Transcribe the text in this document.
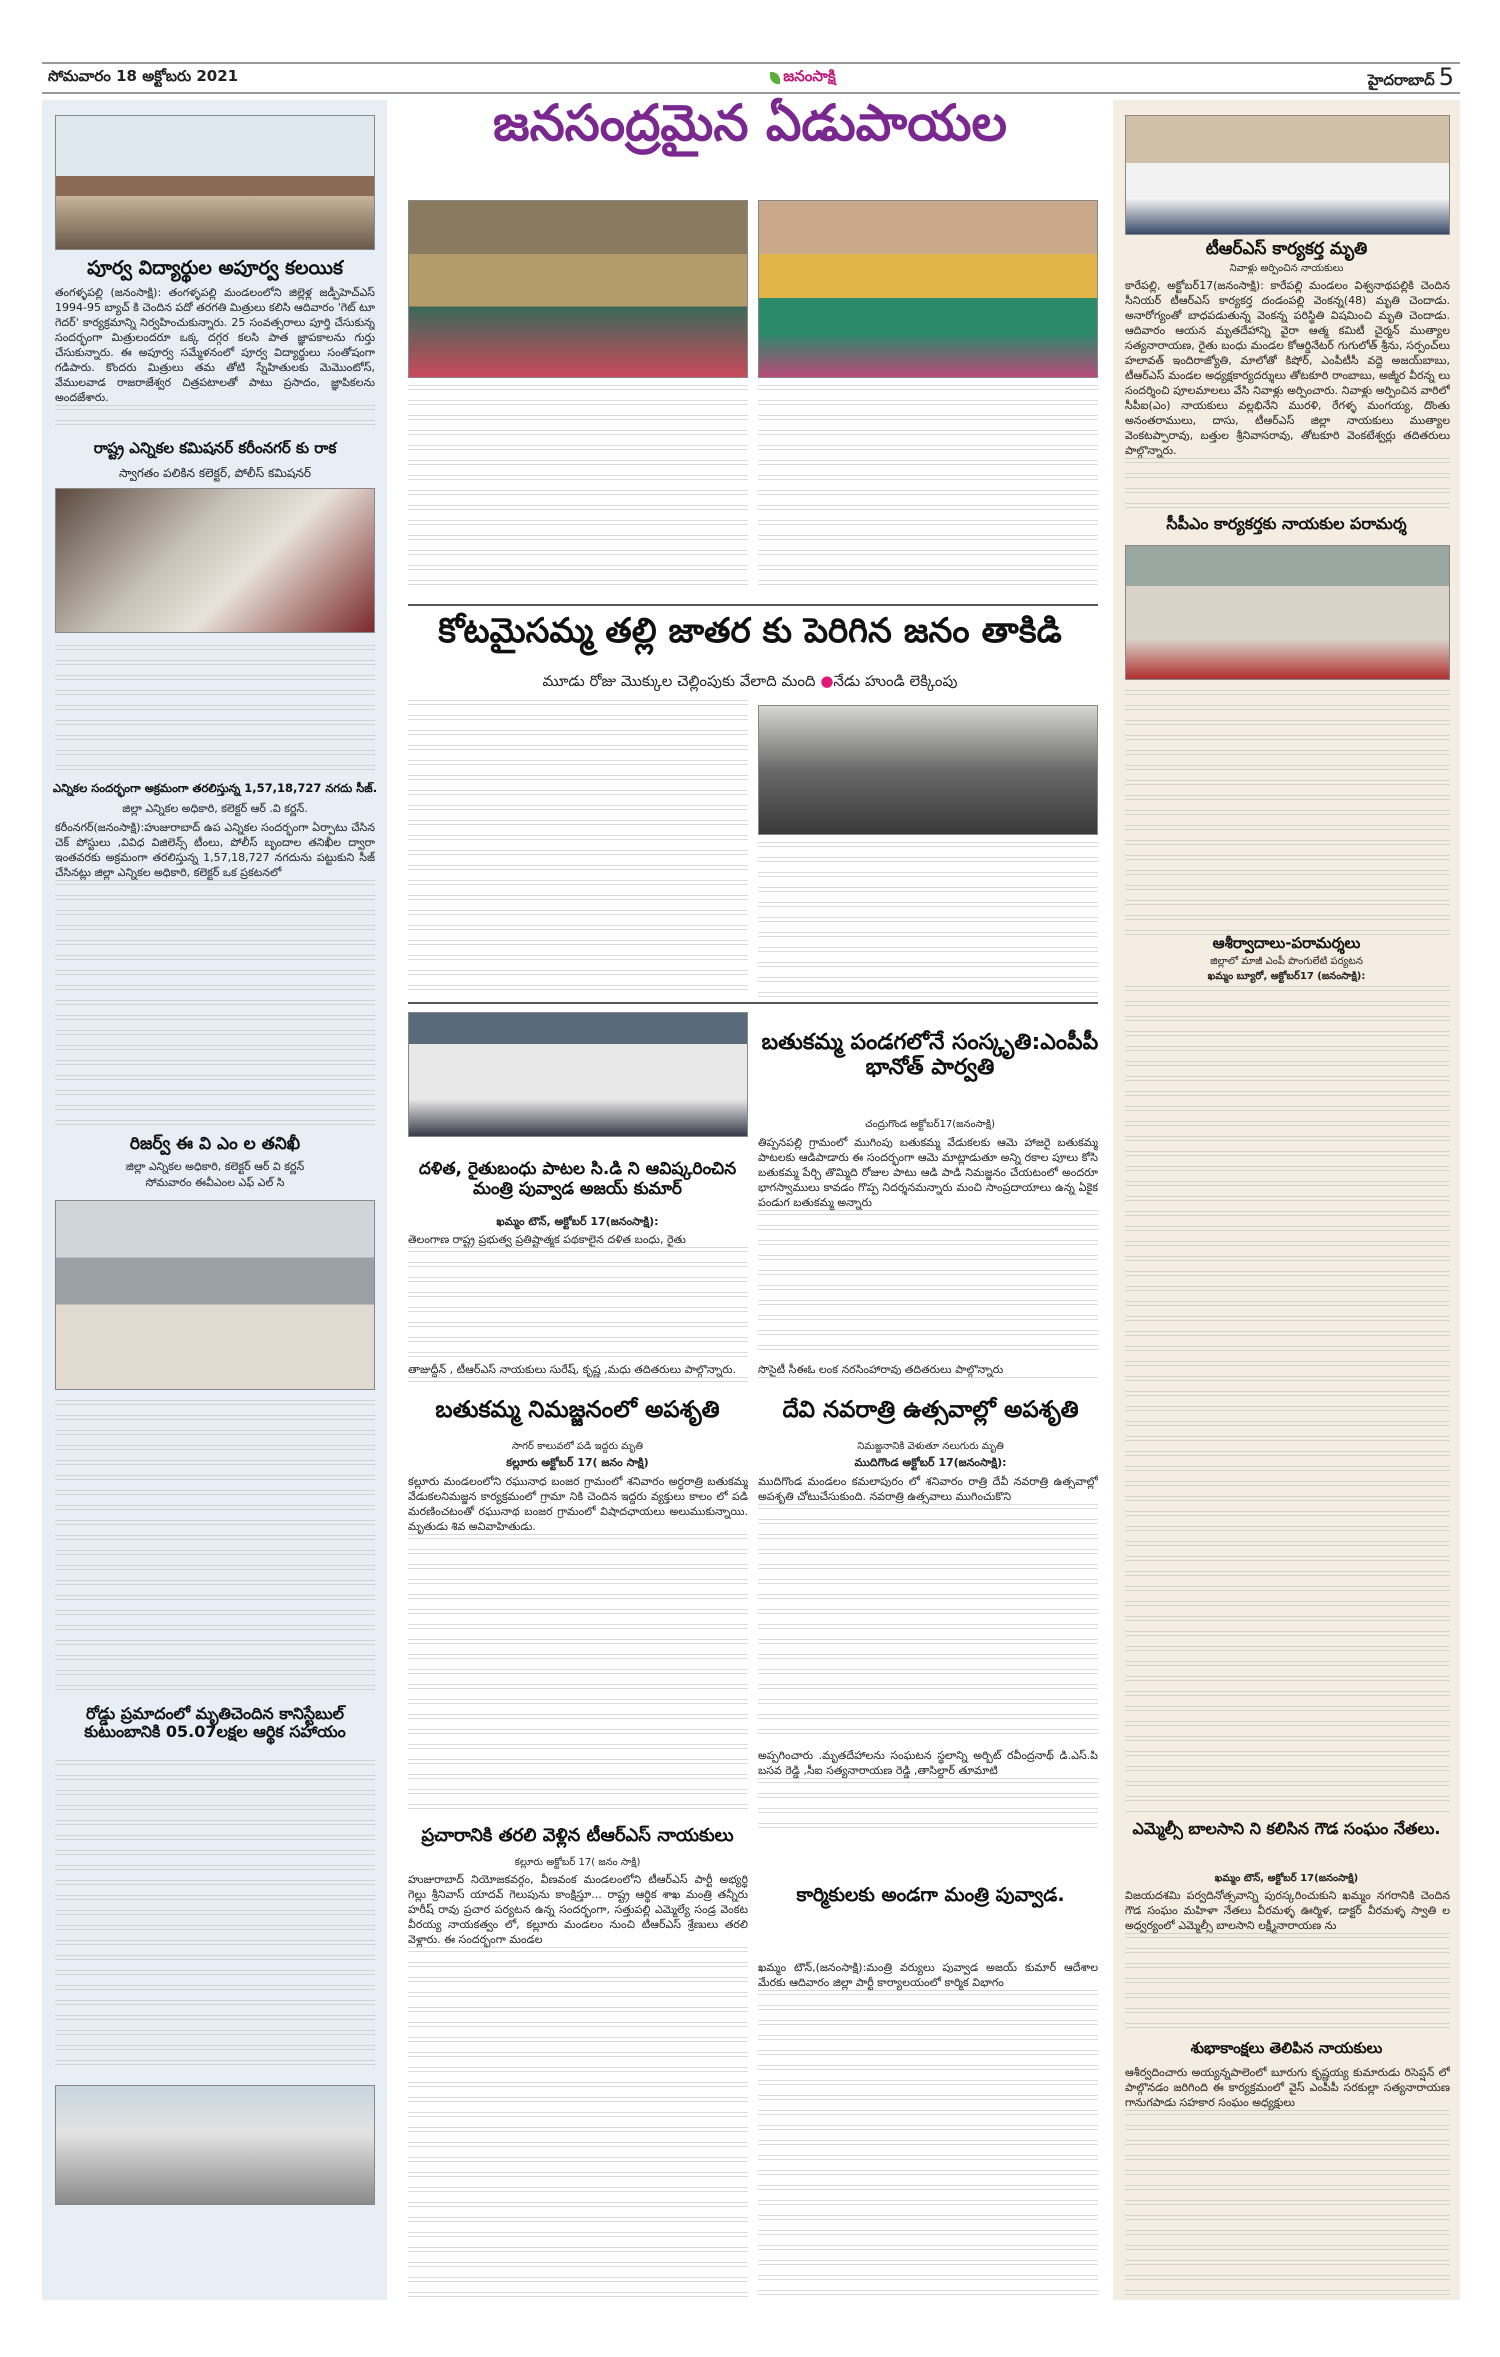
సోమవారం 18 అక్టోబరు 2021	జనంసాక్షి	హైదరాబాద్ 5
పూర్వ విద్యార్థుల అపూర్వ కలయిక
తంగళ్ళపల్లి (జనంసాక్షి): తంగళ్ళపల్లి మండలంలోని జిల్లెళ్ల జడ్పీహెచ్ఎస్ 1994-95 బ్యాచ్ కి చెందిన పదో తరగతి మిత్రులు కలిసి ఆదివారం 'గెట్ టూ గెదర్' కార్యక్రమాన్ని నిర్వహించుకున్నారు. 25 సంవత్సరాలు పూర్తి చేసుకున్న సందర్భంగా మిత్రులందరూ ఒక్క దగ్గర కలసి పాత జ్ఞాపకాలను గుర్తు చేసుకున్నారు. ఈ అపూర్వ సమ్మేళనంలో పూర్వ విద్యార్థులు సంతోషంగా గడిపారు. కొందరు మిత్రులు తమ తోటి స్నేహితులకు మెమొంటోస్, వేములవాడ రాజరాజేశ్వర చిత్రపటాలతో పాటు ప్రసాదం, జ్ఞాపికలను అందజేశారు.
రాష్ట్ర ఎన్నికల కమిషనర్ కరీంనగర్ కు రాక
స్వాగతం పలికిన కలెక్టర్, పోలీస్ కమిషనర్
ఎన్నికల సందర్భంగా అక్రమంగా తరలిస్తున్న 1,57,18,727 నగదు సీజ్.
జిల్లా ఎన్నికల అధికారి, కలెక్టర్ ఆర్ .వి కర్ణన్.
కరీంనగర్(జనంసాక్షి):హుజురాబాద్ ఉప ఎన్నికల సందర్భంగా ఏర్పాటు చేసిన చెక్ పోస్టులు ,వివిధ విజిలెన్స్ టీంలు, పోలీస్ బృందాల తనిఖీల ద్వారా ఇంతవరకు అక్రమంగా తరలిస్తున్న 1,57,18,727 నగదును పట్టుకుని సీజ్ చేసినట్లు జిల్లా ఎన్నికల అధికారి, కలెక్టర్ ఒక ప్రకటనలో
రిజర్వ్ ఈ వి ఎం ల తనిఖీ
జిల్లా ఎన్నికల అధికారి, కలెక్టర్ ఆర్ వి కర్ణన్
సోమవారం ఈవీఎంల ఎఫ్ ఎల్ సి
రోడ్డు ప్రమాదంలో మృతిచెందిన కానిస్టేబుల్ కుటుంబానికి 05.07లక్షల ఆర్థిక సహాయం
జనసంద్రమైన ఏడుపాయల
కోటమైసమ్మ తల్లి జాతర కు పెరిగిన జనం తాకిడి
మూడు రోజు మొక్కుల చెల్లింపుకు వేలాది మంది ●నేడు హుండి లెక్కింపు
దళిత, రైతుబంధు పాటల సి.డి ని ఆవిష్కరించిన మంత్రి పువ్వాడ అజయ్ కుమార్
ఖమ్మం టౌన్, అక్టోబర్ 17(జనంసాక్షి):
తెలంగాణ రాష్ట్ర ప్రభుత్వ ప్రతిష్టాత్మక పథకాలైన దళిత బంధు, రైతు
తాజుద్దీన్ , టీఆర్ఎస్ నాయకులు సురేష్, కృష్ణ ,మధు తదితరులు పాల్గొన్నారు.
బతుకమ్మ పండగలోనే సంస్కృతి:ఎంపీపీ భానోత్ పార్వతి
చంద్రుగొండ అక్టోబర్17(జనంసాక్షి)
తిప్పనపల్లి గ్రామంలో ముగింపు బతుకమ్మ వేడుకలకు ఆమె హాజరై బతుకమ్మ పాటలకు ఆడిపాడారు ఈ సందర్భంగా ఆమె మాట్లాడుతూ అన్ని రకాల పూలు కోసి బతుకమ్మ పేర్చి తొమ్మిది రోజుల పాటు ఆడి పాడి నిమజ్జనం చేయటంలో అందరూ భాగస్వాములు కావడం గొప్ప నిదర్శనమన్నారు మంచి సాంప్రదాయాలు ఉన్న ఏకైక పండుగ బతుకమ్మ అన్నారు
సొసైటీ సీఈఓ లంక నరసింహారావు తదితరులు పాల్గొన్నారు
బతుకమ్మ నిమజ్జనంలో అపశృతి
సాగర్ కాలువలో పడి ఇద్దరు మృతి
కల్లూరు అక్టోబర్ 17( జనం సాక్షి)
కల్లూరు మండలంలోని రఘునాధ బంజర గ్రామంలో శనివారం అర్ధరాత్రి బతుకమ్మ వేడుకలనిమజ్జన కార్యక్రమంలో గ్రామా నికి చెందిన ఇద్దరు వ్యక్తులు కాలం లో పడి మరణించటంతో రఘునాథ బంజర గ్రామంలో విషాదఛాయలు అలుముకున్నాయి. మృతుడు శివ అవివాహితుడు.
ప్రచారానికి తరలి వెళ్లిన టీఆర్ఎస్ నాయకులు
కల్లూరు అక్టోబర్ 17( జనం సాక్షి)
హుజురాబాద్ నియోజకవర్గం, వీణవంక మండలంలోని టీఆర్ఎస్ పార్టీ అభ్యర్థి గెల్లు శ్రీనివాస్ యాదవ్ గెలుపును కాంక్షిస్తూ... రాష్ట్ర ఆర్థిక శాఖ మంత్రి తన్నీరు హరీష్ రావు ప్రచార పర్యటన ఉన్న సందర్భంగా, సత్తుపల్లి ఎమ్మెల్యే సండ్ర వెంకట వీరయ్య నాయకత్వం లో, కల్లూరు మండలం నుంచి టీఆర్ఎస్ శ్రేణులు తరలి వెళ్లారు. ఈ సందర్భంగా మండల
దేవి నవరాత్రి ఉత్సవాల్లో అపశృతి
నిమజ్జనానికి వెళుతూ నలుగురు మృతి
ముదిగొండ అక్టోబర్ 17(జనంసాక్షి):
ముదిగొండ మండలం కమలాపురం లో శనివారం రాత్రి దేవీ నవరాత్రి ఉత్సవాల్లో అపశృతి చోటుచేసుకుంది. నవరాత్రి ఉత్సవాలు ముగించుకొని
అప్పగించారు .మృతదేహాలను సంఘటన స్థలాన్ని అర్బిట్ రవీంద్రనాథ్ డి.ఎస్.పి బసవ రెడ్డి ,సీఐ సత్యనారాయణ రెడ్డి ,తాసిల్దార్ తూమాటి
కార్మికులకు అండగా మంత్రి పువ్వాడ.
ఖమ్మం టౌన్,(జనంసాక్షి):మంత్రి వర్యులు పువ్వాడ అజయ్ కుమార్ ఆదేశాల మేరకు ఆదివారం జిల్లా పార్టీ కార్యాలయంలో కార్మిక విభాగం
టీఆర్ఎస్ కార్యకర్త మృతి
నివాళ్లు అర్పించిన నాయకులు
కారేపల్లి, అక్టోబర్17(జనంసాక్షి): కారేపల్లి మండలం విశ్వనాథపల్లికి చెందిన సీనియర్ టీఆర్ఎస్ కార్యకర్త దండంపల్లి వెంకన్న(48) మృతి చెందాడు. అనారోగ్యంతో బాధపడుతున్న వెంకన్న పరిస్థితి విషమించి మృతి చెందాడు. ఆదివారం ఆయన మృతదేహాన్ని వైరా ఆత్మ కమిటీ చైర్మన్ ముత్యాల సత్యనారాయణ, రైతు బంధు మండల కోఆర్డినేటర్ గుగులోత్ శ్రీను, సర్పంచ్‌లు హలావత్ ఇందిరాజ్యోతి, మాలోతో కిషోర్, ఎంపీటీసీ వద్దె అజయ్‌బాబు, టీఆర్ఎస్ మండల అధ్యక్షకార్యదర్శులు తోటకూరి రాంబాబు, అజ్మీర వీరన్న లు సందర్శించి పూలమాలలు వేసి నివాళ్లు అర్పించారు. నివాళ్లు అర్పించిన వారిలో సీపీఐ(ఎం) నాయకులు వల్లభినేని మురళి, రేగళ్ళ మంగయ్య, దొంతు అనంతరాములు, దాసు, టీఆర్ఎస్ జిల్లా నాయకులు ముత్యాల వెంకటప్పారావు, బత్తుల శ్రీనివాసరావు, తోటకూరి వెంకటేశ్వర్లు తదితరులు పాల్గొన్నారు.
సీపీఎం కార్యకర్తకు నాయకుల పరామర్శ
ఆశీర్వాదాలు-పరామర్శలు
జిల్లాలో మాజీ ఎంపీ పొంగులేటి పర్యటన
ఖమ్మం బ్యూరో, అక్టోబర్17 (జనంసాక్షి):
ఎమ్మెల్సీ బాలసాని ని కలిసిన గౌడ సంఘం నేతలు.
ఖమ్మం టౌన్, అక్టోబర్ 17(జనంసాక్షి)
విజయదశమి పర్వదినోత్సవాన్ని పురస్కరించుకుని ఖమ్మం నగరానికి చెందిన గౌడ సంఘం మహిళా నేతలు వీరమళ్ళ ఊర్మిళ, డాక్టర్ వీరమళ్ళ స్వాతి ల అధ్వర్యంలో ఎమ్మెల్సీ బాలసాని లక్ష్మీనారాయణ ను
శుభాకాంక్షలు తెలిపిన నాయకులు
ఆశీర్వదించారు అయ్యన్నపాలెంలో బూరుగు కృష్ణయ్య కుమారుడు రిసెప్షన్ లో పాల్గొనడం జరిగింది ఈ కార్యక్రమంలో వైస్ ఎంపీపీ సరకుల్లా సత్యనారాయణ గానుగపాడు సహకార సంఘం అధ్యక్షులు
